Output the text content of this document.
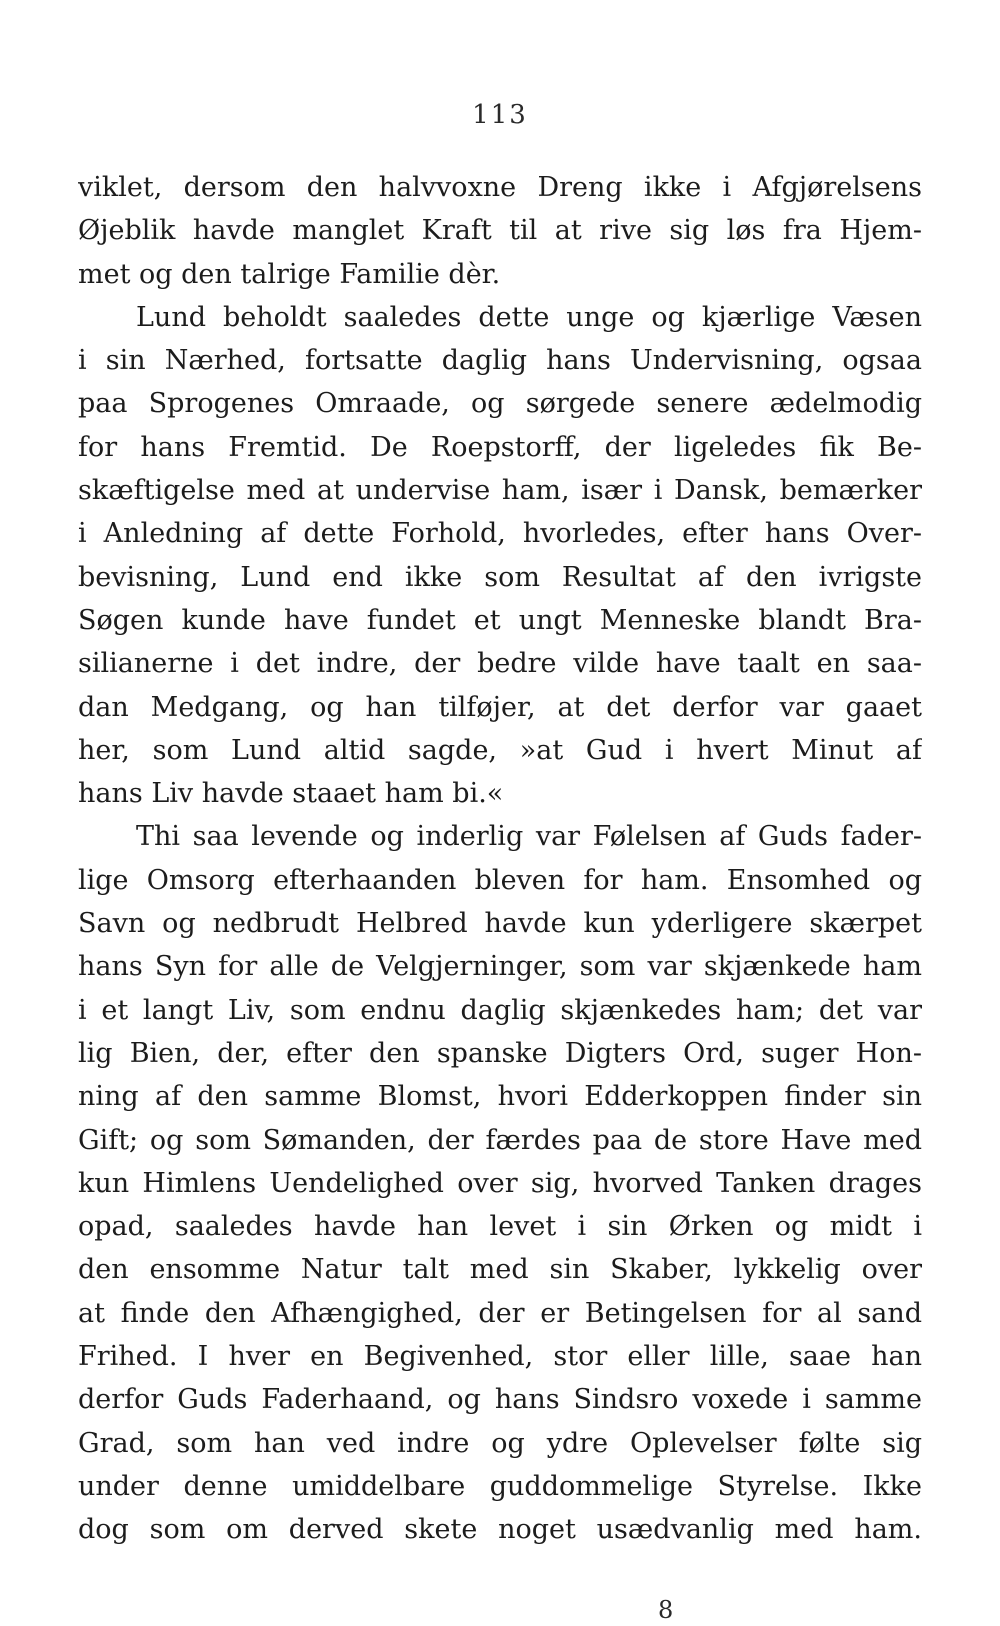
113
viklet, dersom den halvvoxne Dreng ikke i Afgjørelsens
Øjeblik havde manglet Kraft til at rive sig løs fra Hjem-
met og den talrige Familie dèr.
Lund beholdt saaledes dette unge og kjærlige Væsen
i sin Nærhed, fortsatte daglig hans Undervisning, ogsaa
paa Sprogenes Omraade, og sørgede senere ædelmodig
for hans Fremtid. De Roepstorff, der ligeledes fik Be-
skæftigelse med at undervise ham, især i Dansk, bemærker
i Anledning af dette Forhold, hvorledes, efter hans Over-
bevisning, Lund end ikke som Resultat af den ivrigste
Søgen kunde have fundet et ungt Menneske blandt Bra-
silianerne i det indre, der bedre vilde have taalt en saa-
dan Medgang, og han tilføjer, at det derfor var gaaet
her, som Lund altid sagde, »at Gud i hvert Minut af
hans Liv havde staaet ham bi.«
Thi saa levende og inderlig var Følelsen af Guds fader-
lige Omsorg efterhaanden bleven for ham. Ensomhed og
Savn og nedbrudt Helbred havde kun yderligere skærpet
hans Syn for alle de Velgjerninger, som var skjænkede ham
i et langt Liv, som endnu daglig skjænkedes ham; det var
lig Bien, der, efter den spanske Digters Ord, suger Hon-
ning af den samme Blomst, hvori Edderkoppen finder sin
Gift; og som Sømanden, der færdes paa de store Have med
kun Himlens Uendelighed over sig, hvorved Tanken drages
opad, saaledes havde han levet i sin Ørken og midt i
den ensomme Natur talt med sin Skaber, lykkelig over
at finde den Afhængighed, der er Betingelsen for al sand
Frihed. I hver en Begivenhed, stor eller lille, saae han
derfor Guds Faderhaand, og hans Sindsro voxede i samme
Grad, som han ved indre og ydre Oplevelser følte sig
under denne umiddelbare guddommelige Styrelse. Ikke
dog som om derved skete noget usædvanlig med ham.
8
